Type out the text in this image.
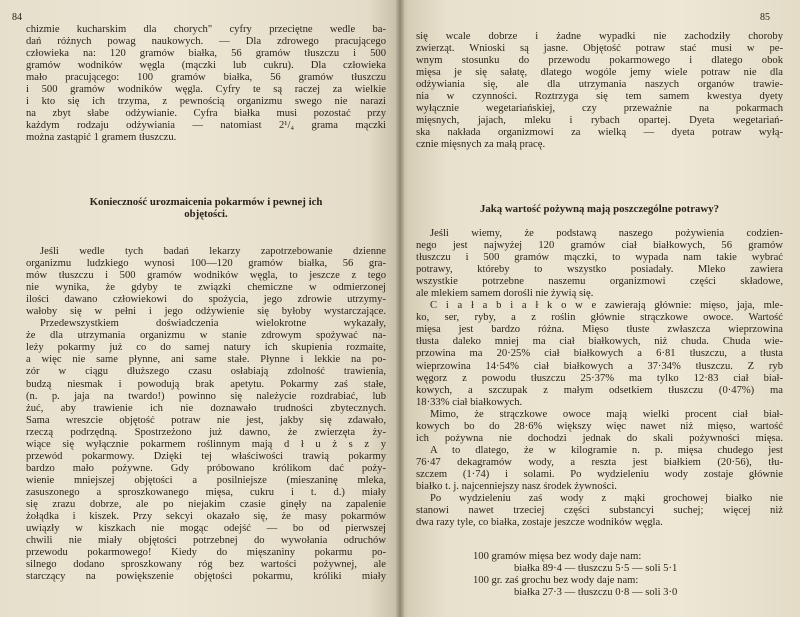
84
chizmie kucharskim dla chorych" cyfry przeciętne wedle ba-
dań różnych powag naukowych. — Dla zdrowego pracującego
człowieka na: 120 gramów białka, 56 gramów tłuszczu i 500
gramów wodników węgla (mączki lub cukru). Dla człowieka
mało pracującego: 100 gramów białka, 56 gramów tłuszczu
i 500 gramów wodników węgla. Cyfry te są raczej za wielkie
i kto się ich trzyma, z pewnością organizmu swego nie narazi
na zbyt słabe odżywianie. Cyfra białka musi pozostać przy
każdym rodzaju odżywiania — natomiast 2¹/₄ grama mączki
można zastąpić 1 gramem tłuszczu.
Konieczność urozmaicenia pokarmów i pewnej ich
objętości.
Jeśli wedle tych badań lekarzy zapotrzebowanie dzienne
organizmu ludzkiego wynosi 100—120 gramów białka, 56 gra-
mów tłuszczu i 500 gramów wodników węgla, to jeszcze z tego
nie wynika, że gdyby te związki chemiczne w odmierzonej
ilości dawano człowiekowi do spożycia, jego zdrowie utrzymy-
wałoby się w pełni i jego odżywienie się byłoby wystarczające.
Przedewszystkiem doświadczenia wielokrotne wykazały,
że dla utrzymania organizmu w stanie zdrowym spożywać na-
leży pokarmy już co do samej natury ich skupienia rozmaite,
a więc nie same płynne, ani same stałe. Płynne i lekkie na po-
zór w ciągu dłuższego czasu osłabiają zdolność trawienia,
budzą niesmak i powodują brak apetytu. Pokarmy zaś stałe,
(n. p. jaja na twardo!) powinno się należycie rozdrabiać, lub
żuć, aby trawienie ich nie doznawało trudności zbytecznych.
Sama wreszcie objętość potraw nie jest, jakby się zdawało,
rzeczą podrzędną. Spostrzeżono już dawno, że zwierzęta ży-
wiące się wyłącznie pokarmem roślinnym mają d ł u ż s z y
przewód pokarmowy. Dzięki tej właściwości trawią pokarmy
bardzo mało pożywne. Gdy próbowano królikom dać poży-
wienie mniejszej objętości a posilniejsze (mieszaninę mleka,
zasuszonego a sproszkowanego mięsa, cukru i t. d.) miały
się zrazu dobrze, ale po niejakim czasie ginęły na zapalenie
żołądka i kiszek. Przy sekcyi okazało się, że masy pokarmów
uwiązły w kiszkach nie mogąc odejść — bo od pierwszej
chwili nie miały objętości potrzebnej do wywołania odruchów
przewodu pokarmowego! Kiedy do mięszaniny pokarmu po-
silnego dodano sproszkowany róg bez wartości pożywnej, ale
starczący na powiększenie objętości pokarmu, króliki miały
85
się wcale dobrze i żadne wypadki nie zachodziły choroby
zwierząt. Wnioski są jasne. Objętość potraw stać musi w pe-
wnym stosunku do przewodu pokarmowego i dlatego obok
mięsa je się sałatę, dlatego wogóle jemy wiele potraw nie dla
odżywiania się, ale dla utrzymania naszych organów trawie-
nia w czynności. Roztrzyga się tem samem kwestya dyety
wyłącznie wegetariańskiej, czy przeważnie na pokarmach
mięsnych, jajach, mleku i rybach opartej. Dyeta wegetariań-
ska nakłada organizmowi za wielką — dyeta potraw wyłą-
cznie mięsnych za małą pracę.
Jaką wartość pożywną mają poszczególne potrawy?
Jeśli wiemy, że podstawą naszego pożywienia codzien-
nego jest najwyżej 120 gramów ciał białkowych, 56 gramów
tłuszczu i 500 gramów mączki, to wypada nam takie wybrać
potrawy, któreby to wszystko posiadały. Mleko zawiera
wszystkie potrzebne naszemu organizmowi części składowe,
ale mlekiem samem dorośli nie żywią się.
C i a ł a b i a ł k o w e zawierają głównie: mięso, jaja, mle-
ko, ser, ryby, a z roślin głównie strączkowe owoce. Wartość
mięsa jest bardzo różna. Mięso tłuste zwłaszcza wieprzowina
tłusta daleko mniej ma ciał białkowych, niż chuda. Chuda wie-
przowina ma 20·25% ciał białkowych a 6·81 tłuszczu, a tłusta
wieprzowina 14·54% ciał białkowych a 37·34% tłuszczu. Z ryb
węgorz z powodu tłuszczu 25·37% ma tylko 12·83 ciał biał-
kowych, a szczupak z małym odsetkiem tłuszczu (0·47%) ma
18·33% ciał białkowych.
Mimo, że strączkowe owoce mają wielki procent ciał biał-
kowych bo do 28·6% większy więc nawet niż mięso, wartość
ich pożywna nie dochodzi jednak do skali pożywności mięsa.
A to dlatego, że w kilogramie n. p. mięsa chudego jest
76·47 dekagramów wody, a reszta jest białkiem (20·56), tłu-
szczem (1·74) i solami. Po wydzieleniu wody zostaje głównie
białko t. j. najcenniejszy nasz środek żywności.
Po wydzieleniu zaś wody z mąki grochowej białko nie
stanowi nawet trzeciej części substancyi suchej; więcej niż
dwa razy tyle, co białka, zostaje jeszcze wodników węgla.
100 gramów mięsa bez wody daje nam:
białka 89·4 — tłuszczu 5·5 — soli 5·1
100 gr. zaś grochu bez wody daje nam:
białka 27·3 — tłuszczu 0·8 — soli 3·0
